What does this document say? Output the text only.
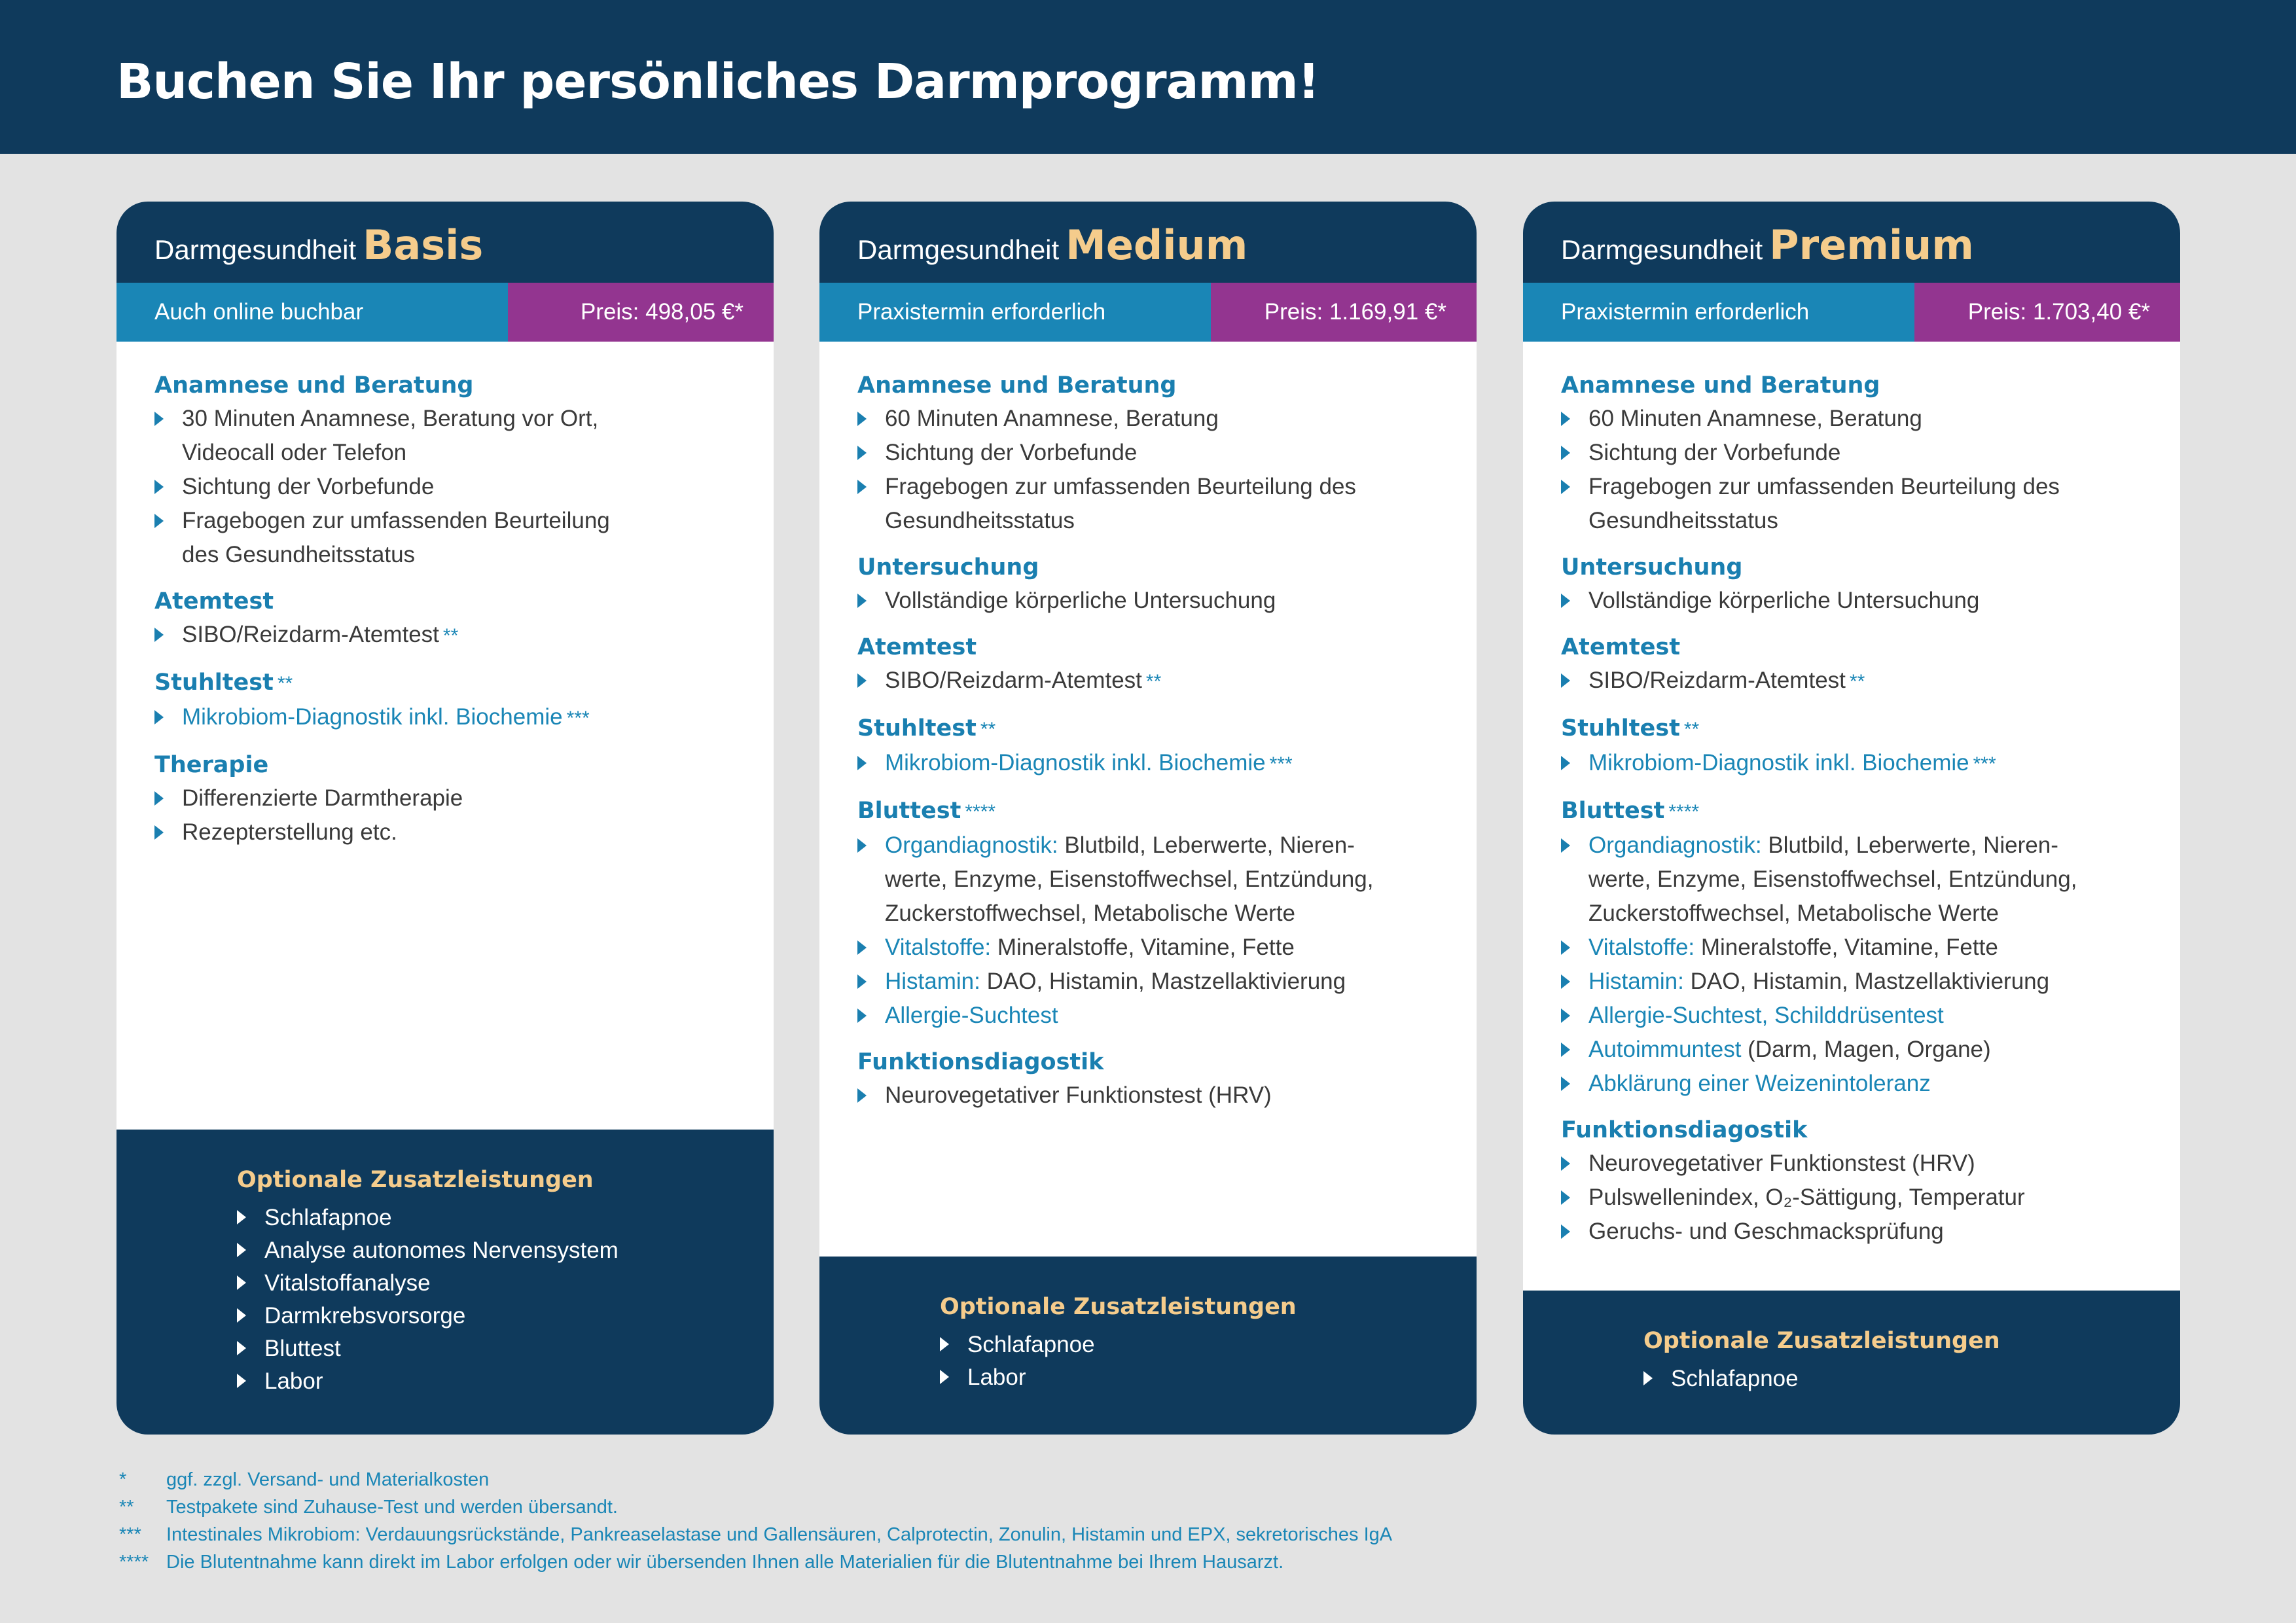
Buchen Sie Ihr persönliches Darmprogramm!
Darmgesundheit Basis
Auch online buchbar	Preis: 498,05 €*
Anamnese und Beratung
30 Minuten Anamnese, Beratung vor Ort, Videocall oder Telefon
Sichtung der Vorbefunde
Fragebogen zur umfassenden Beurteilung des Gesundheitsstatus
Atemtest
SIBO/Reizdarm-Atemtest **
Stuhltest **
Mikrobiom-Diagnostik inkl. Biochemie ***
Therapie
Differenzierte Darmtherapie
Rezepterstellung etc.
Optionale Zusatzleistungen
Schlafapnoe
Analyse autonomes Nervensystem
Vitalstoffanalyse
Darmkrebsvorsorge
Bluttest
Labor
Darmgesundheit Medium
Praxistermin erforderlich	Preis: 1.169,91 €*
Anamnese und Beratung
60 Minuten Anamnese, Beratung
Sichtung der Vorbefunde
Fragebogen zur umfassenden Beurteilung des Gesundheitsstatus
Untersuchung
Vollständige körperliche Untersuchung
Atemtest
SIBO/Reizdarm-Atemtest **
Stuhltest **
Mikrobiom-Diagnostik inkl. Biochemie ***
Bluttest ****
Organdiagnostik: Blutbild, Leberwerte, Nieren-werte, Enzyme, Eisenstoffwechsel, Entzündung, Zuckerstoffwechsel, Metabolische Werte
Vitalstoffe: Mineralstoffe, Vitamine, Fette
Histamin: DAO, Histamin, Mastzellaktivierung
Allergie-Suchtest
Funktionsdiagostik
Neurovegetativer Funktionstest (HRV)
Optionale Zusatzleistungen
Schlafapnoe
Labor
Darmgesundheit Premium
Praxistermin erforderlich	Preis: 1.703,40 €*
Anamnese und Beratung
60 Minuten Anamnese, Beratung
Sichtung der Vorbefunde
Fragebogen zur umfassenden Beurteilung des Gesundheitsstatus
Untersuchung
Vollständige körperliche Untersuchung
Atemtest
SIBO/Reizdarm-Atemtest **
Stuhltest **
Mikrobiom-Diagnostik inkl. Biochemie ***
Bluttest ****
Organdiagnostik: Blutbild, Leberwerte, Nieren-werte, Enzyme, Eisenstoffwechsel, Entzündung, Zuckerstoffwechsel, Metabolische Werte
Vitalstoffe: Mineralstoffe, Vitamine, Fette
Histamin: DAO, Histamin, Mastzellaktivierung
Allergie-Suchtest, Schilddrüsentest
Autoimmuntest (Darm, Magen, Organe)
Abklärung einer Weizenintoleranz
Funktionsdiagostik
Neurovegetativer Funktionstest (HRV)
Pulswellenindex, O₂-Sättigung, Temperatur
Geruchs- und Geschmacksprüfung
Optionale Zusatzleistungen
Schlafapnoe
*	ggf. zzgl. Versand- und Materialkosten
**	Testpakete sind Zuhause-Test und werden übersandt.
***	Intestinales Mikrobiom: Verdauungsrückstände, Pankreaselastase und Gallensäuren, Calprotectin, Zonulin, Histamin und EPX, sekretorisches IgA
**** Die Blutentnahme kann direkt im Labor erfolgen oder wir übersenden Ihnen alle Materialien für die Blutentnahme bei Ihrem Hausarzt.
